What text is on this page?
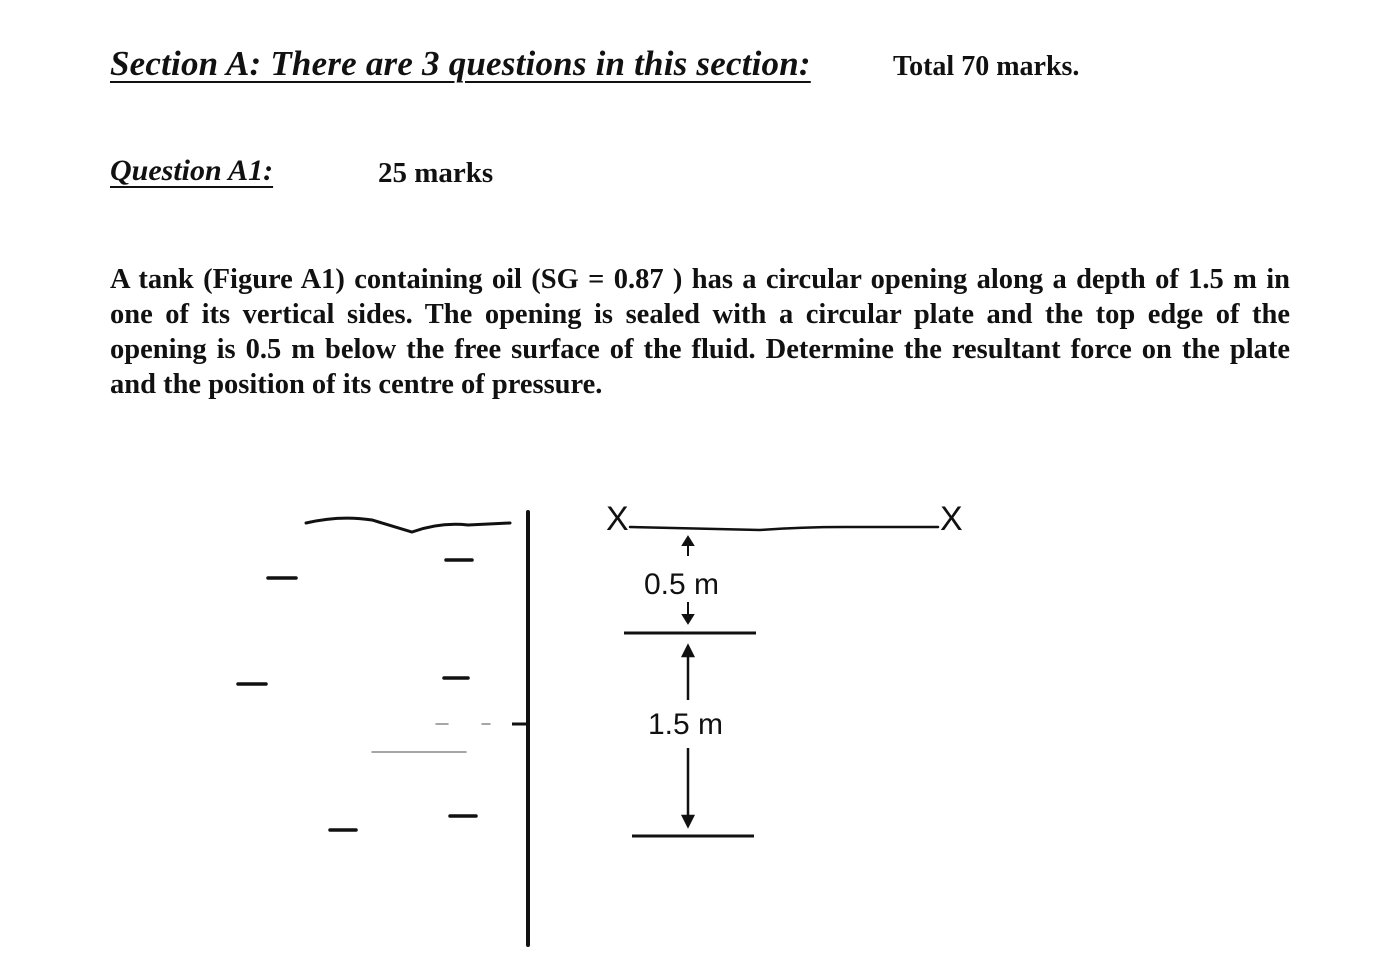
Section A: There are 3 questions in this section:	Total 70 marks.
Question A1:	25 marks

A tank (Figure A1) containing oil (SG = 0.87 ) has a circular opening along a depth of 1.5 m in one of its vertical sides. The opening is sealed with a circular plate and the top edge of the opening is 0.5 m below the free surface of the fluid. Determine the resultant force on the plate and the position of its centre of pressure.

X	X
0.5 m
1.5 m
